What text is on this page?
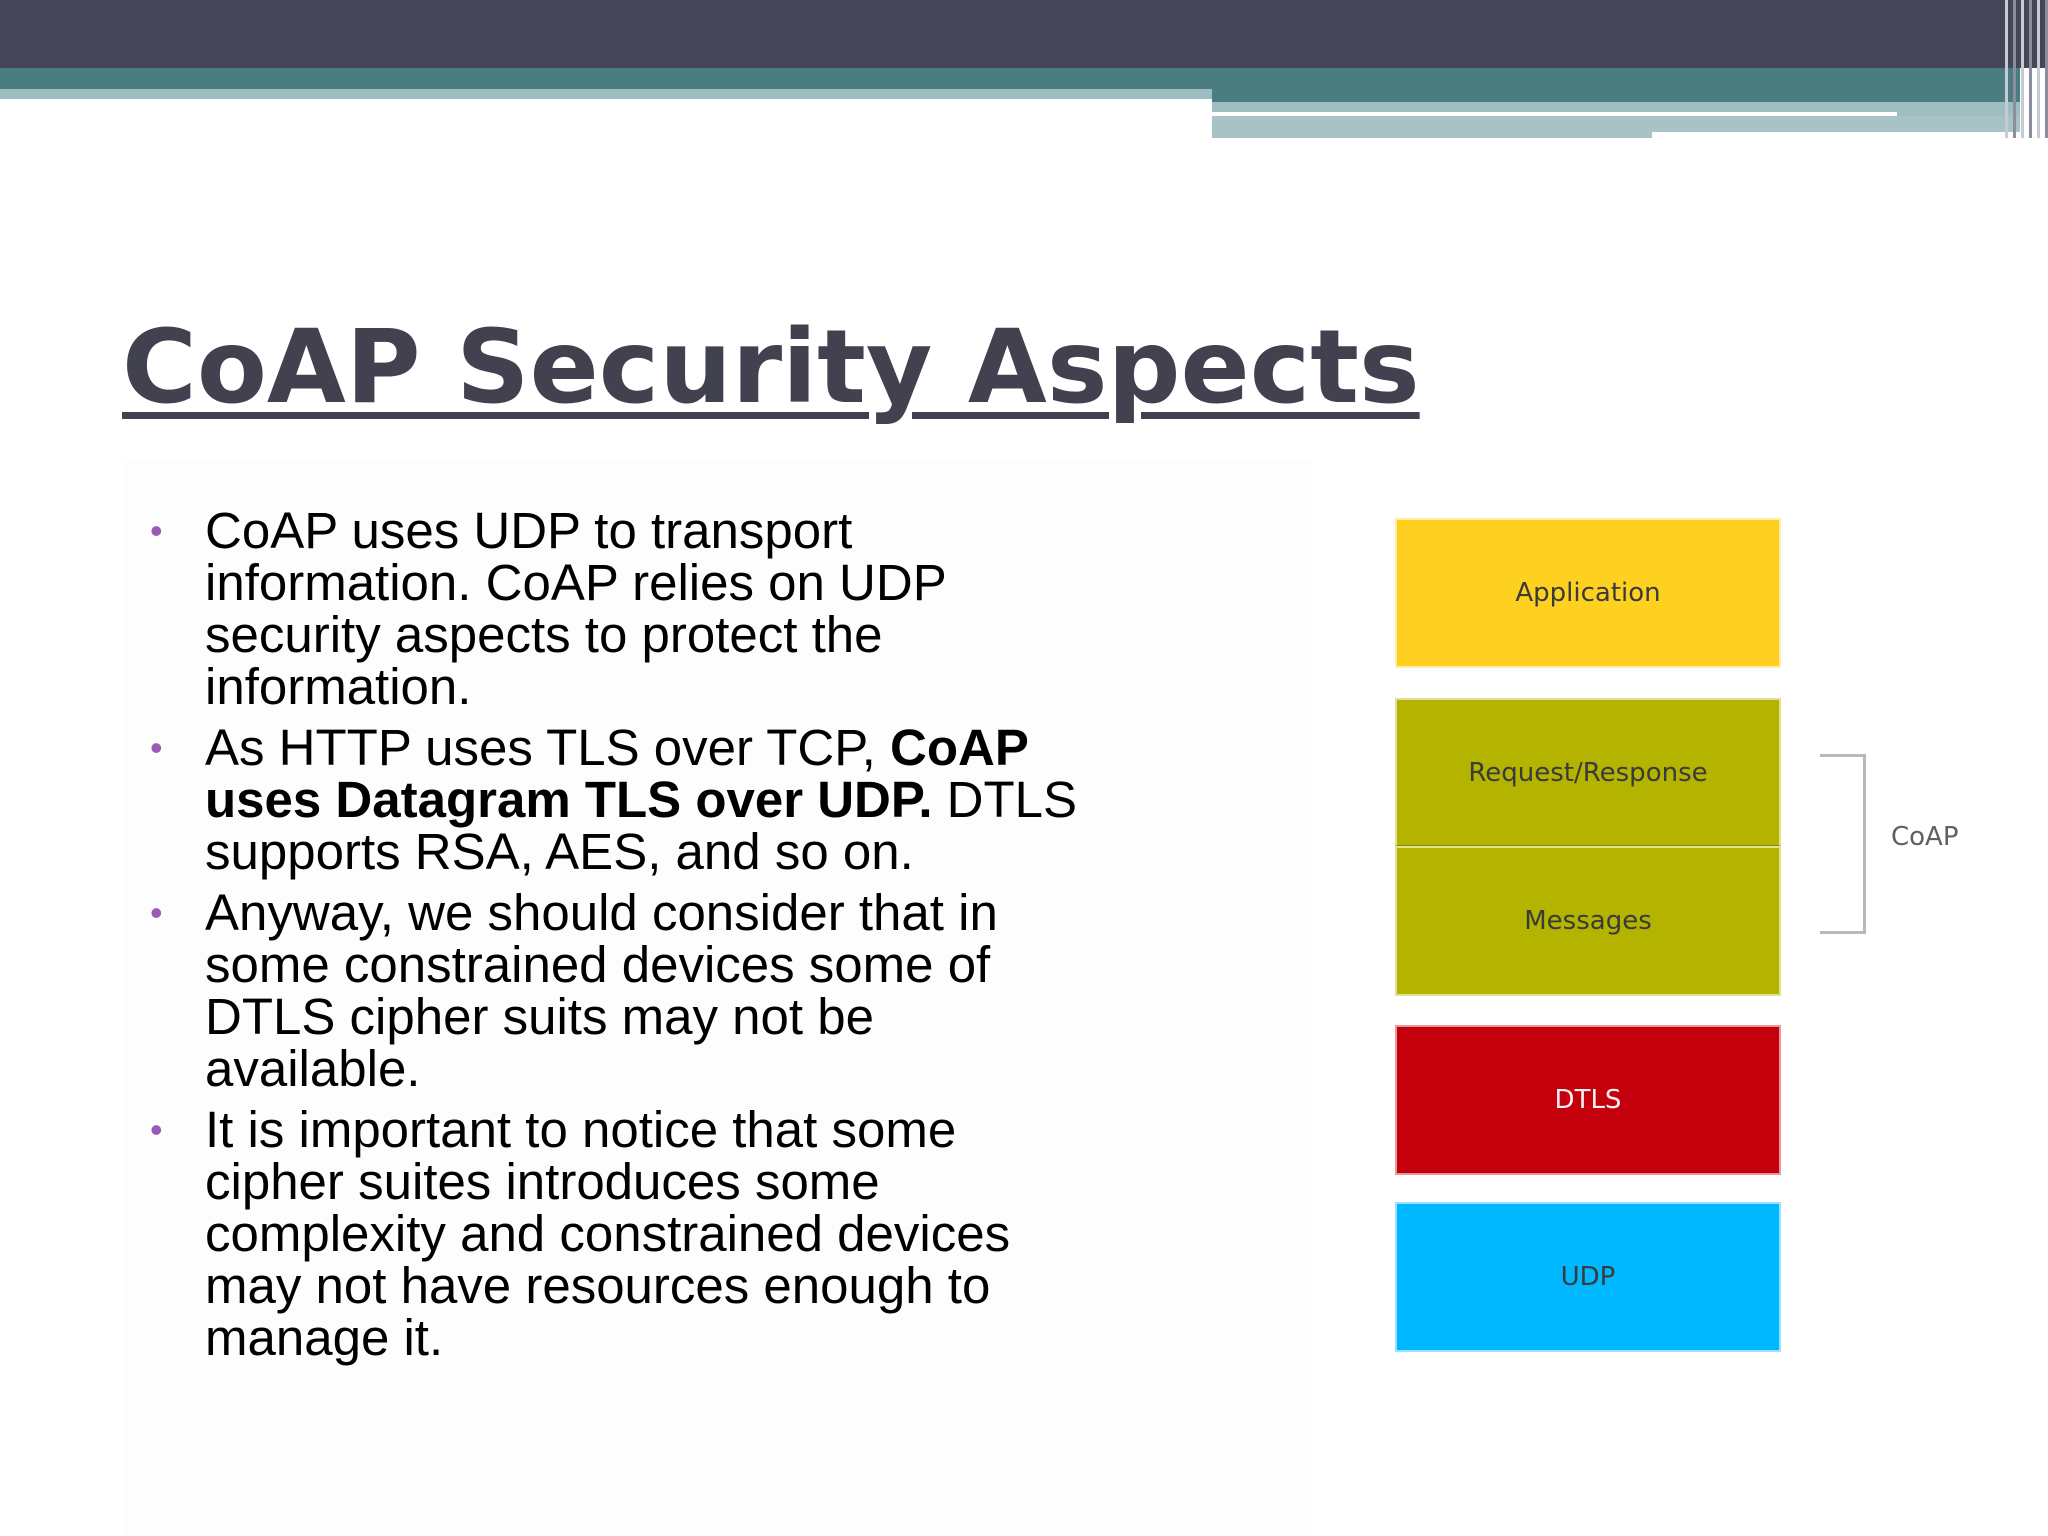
CoAP Security Aspects
• CoAP uses UDP to transport information. CoAP relies on UDP security aspects to protect the information.
• As HTTP uses TLS over TCP, CoAP uses Datagram TLS over UDP. DTLS supports RSA, AES, and so on.
• Anyway, we should consider that in some constrained devices some of DTLS cipher suits may not be available.
• It is important to notice that some cipher suites introduces some complexity and constrained devices may not have resources enough to manage it.
Application
Request/Response
Messages
DTLS
UDP
CoAP
